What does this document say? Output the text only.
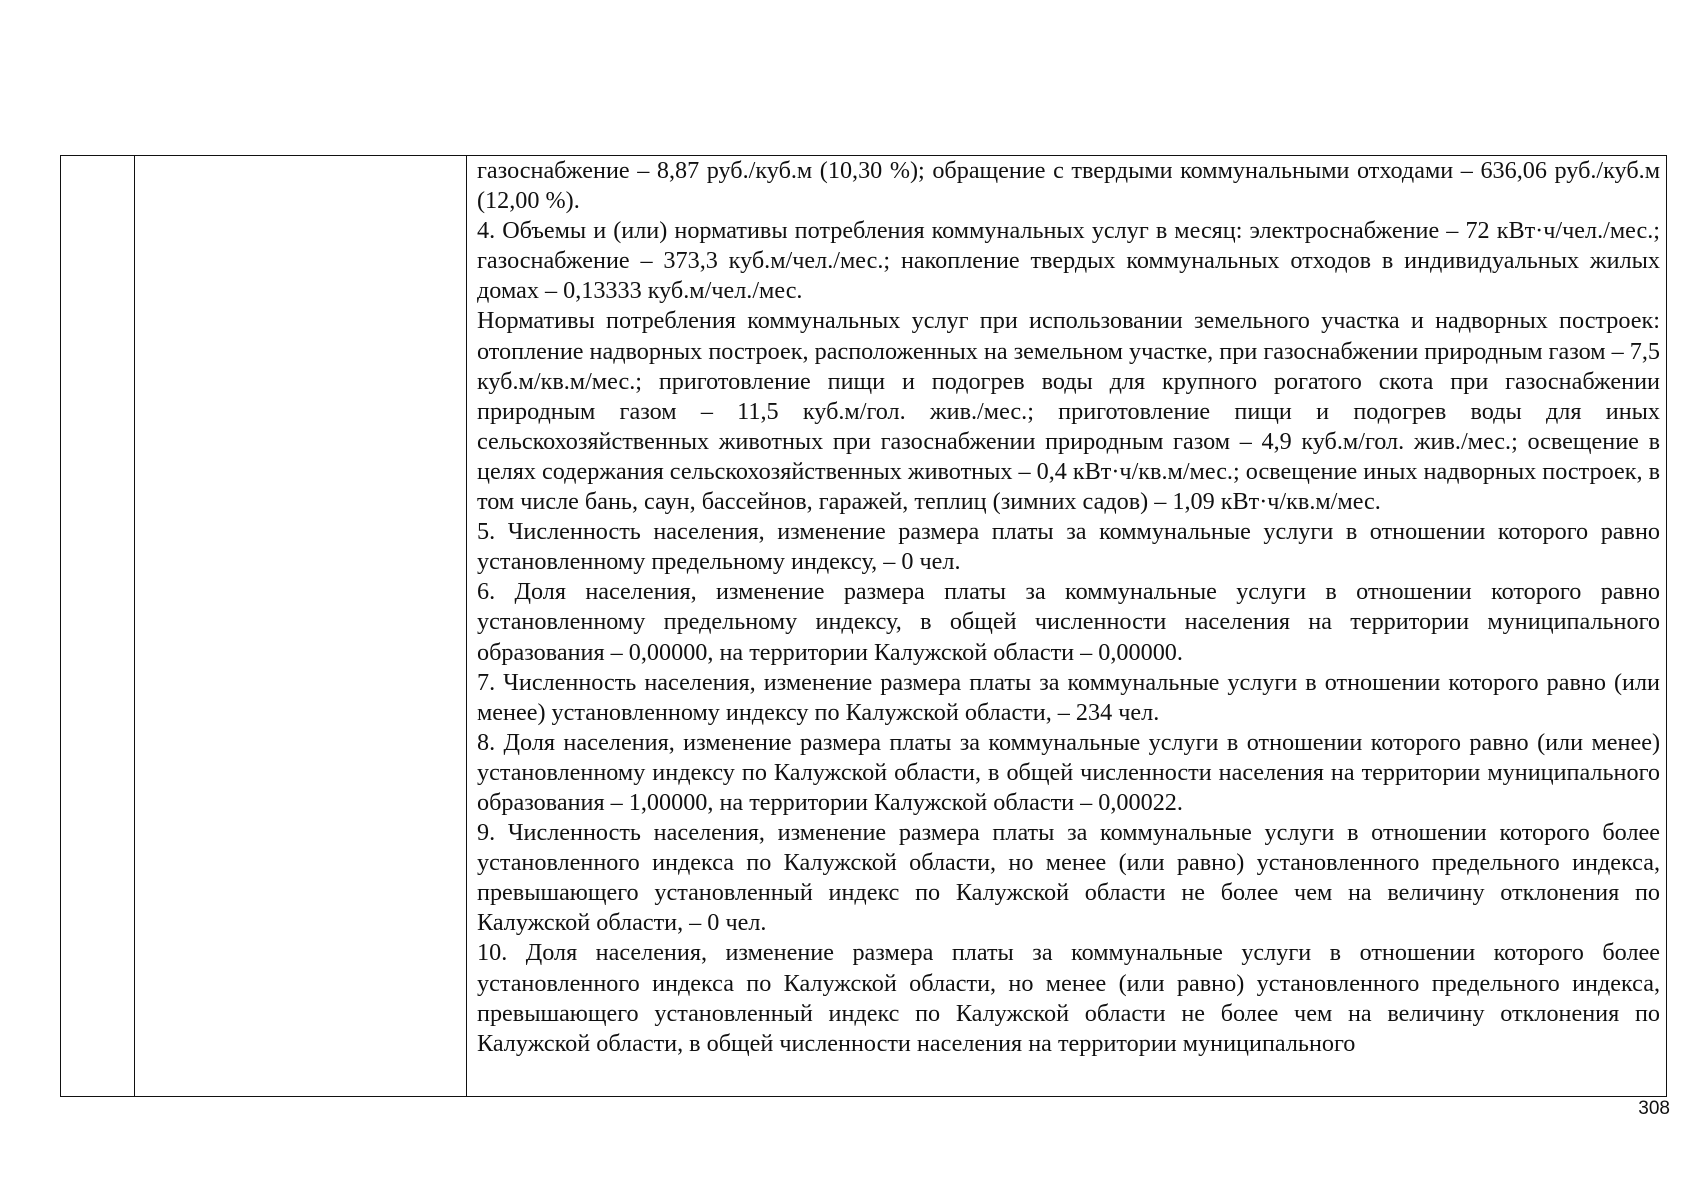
газоснабжение – 8,87 руб./куб.м (10,30 %); обращение с твердыми коммунальными отходами – 636,06 руб./куб.м (12,00 %).

4. Объемы и (или) нормативы потребления коммунальных услуг в месяц: электроснабжение – 72 кВт·ч/чел./мес.; газоснабжение – 373,3 куб.м/чел./мес.; накопление твердых коммунальных отходов в индивидуальных жилых домах – 0,13333 куб.м/чел./мес.

Нормативы потребления коммунальных услуг при использовании земельного участка и надворных построек: отопление надворных построек, расположенных на земельном участке, при газоснабжении природным газом – 7,5 куб.м/кв.м/мес.; приготовление пищи и подогрев воды для крупного рогатого скота при газоснабжении природным газом – 11,5 куб.м/гол. жив./мес.; приготовление пищи и подогрев воды для иных сельскохозяйственных животных при газоснабжении природным газом – 4,9 куб.м/гол. жив./мес.; освещение в целях содержания сельскохозяйственных животных – 0,4 кВт·ч/кв.м/мес.; освещение иных надворных построек, в том числе бань, саун, бассейнов, гаражей, теплиц (зимних садов) – 1,09 кВт·ч/кв.м/мес.

5. Численность населения, изменение размера платы за коммунальные услуги в отношении которого равно установленному предельному индексу, – 0 чел.

6. Доля населения, изменение размера платы за коммунальные услуги в отношении которого равно установленному предельному индексу, в общей численности населения на территории муниципального образования – 0,00000, на территории Калужской области – 0,00000.

7. Численность населения, изменение размера платы за коммунальные услуги в отношении которого равно (или менее) установленному индексу по Калужской области, – 234 чел.

8. Доля населения, изменение размера платы за коммунальные услуги в отношении которого равно (или менее) установленному индексу по Калужской области, в общей численности населения на территории муниципального образования – 1,00000, на территории Калужской области – 0,00022.

9. Численность населения, изменение размера платы за коммунальные услуги в отношении которого более установленного индекса по Калужской области, но менее (или равно) установленного предельного индекса, превышающего установленный индекс по Калужской области не более чем на величину отклонения по Калужской области, – 0 чел.

10. Доля населения, изменение размера платы за коммунальные услуги в отношении которого более установленного индекса по Калужской области, но менее (или равно) установленного предельного индекса, превышающего установленный индекс по Калужской области не более чем на величину отклонения по Калужской области, в общей численности населения на территории муниципального

308
